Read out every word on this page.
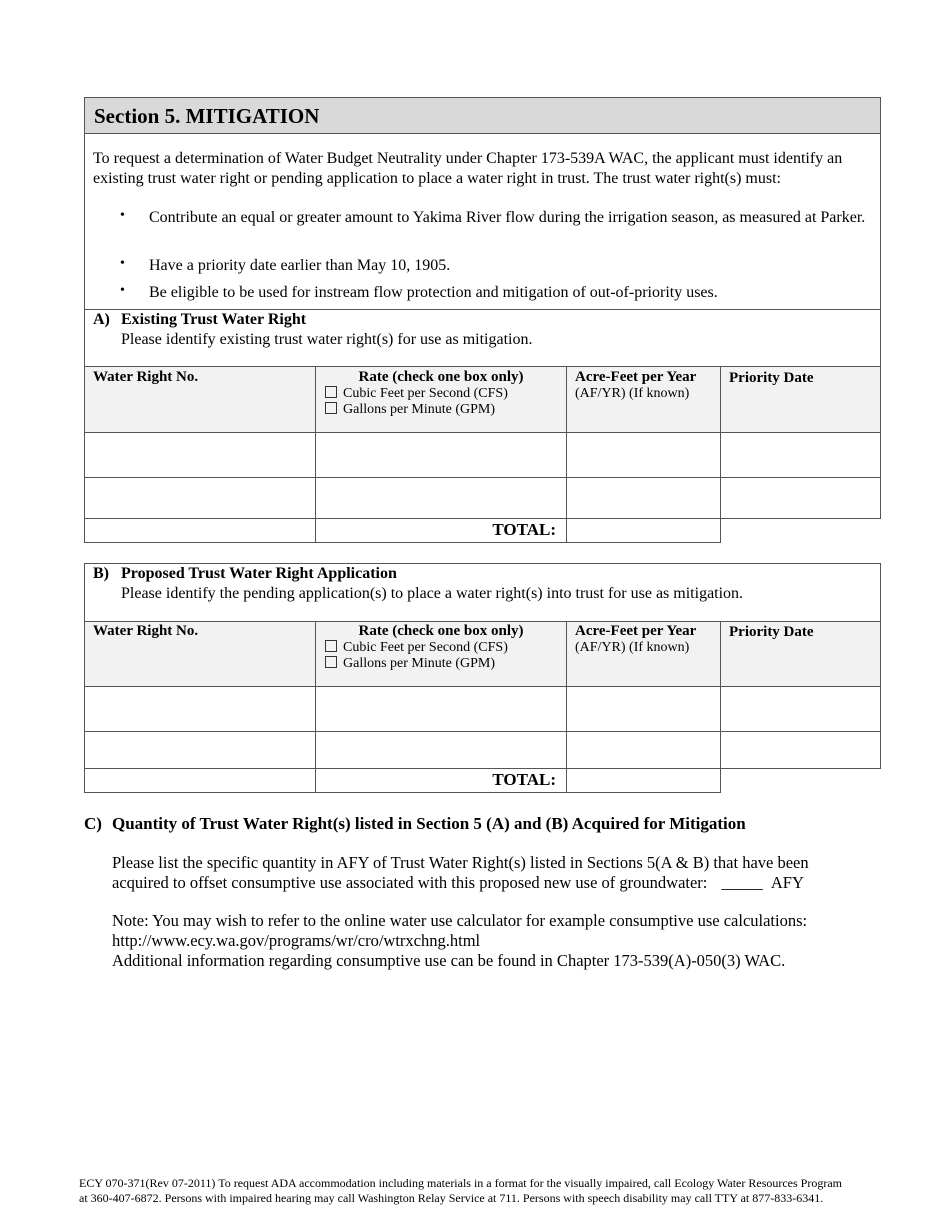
Section 5. MITIGATION
To request a determination of Water Budget Neutrality under Chapter 173-539A WAC, the applicant must identify an existing trust water right or pending application to place a water right in trust. The trust water right(s) must:
• Contribute an equal or greater amount to Yakima River flow during the irrigation season, as measured at Parker.
• Have a priority date earlier than May 10, 1905.
• Be eligible to be used for instream flow protection and mitigation of out-of-priority uses.
A) Existing Trust Water Right
Please identify existing trust water right(s) for use as mitigation.
Water Right No.	Rate (check one box only)
Cubic Feet per Second (CFS)
Gallons per Minute (GPM)
Acre-Feet per Year
(AF/YR) (If known)
Priority Date
TOTAL:
B) Proposed Trust Water Right Application
Please identify the pending application(s) to place a water right(s) into trust for use as mitigation.
Water Right No.	Rate (check one box only)
Cubic Feet per Second (CFS)
Gallons per Minute (GPM)
Acre-Feet per Year
(AF/YR) (If known)
Priority Date
TOTAL:
C) Quantity of Trust Water Right(s) listed in Section 5 (A) and (B) Acquired for Mitigation
Please list the specific quantity in AFY of Trust Water Right(s) listed in Sections 5(A & B) that have been
acquired to offset consumptive use associated with this proposed new use of groundwater: _____ AFY
Note: You may wish to refer to the online water use calculator for example consumptive use calculations:
http://www.ecy.wa.gov/programs/wr/cro/wtrxchng.html
Additional information regarding consumptive use can be found in Chapter 173-539(A)-050(3) WAC.
ECY 070-371(Rev 07-2011) To request ADA accommodation including materials in a format for the visually impaired, call Ecology Water Resources Program
at 360-407-6872. Persons with impaired hearing may call Washington Relay Service at 711. Persons with speech disability may call TTY at 877-833-6341.
